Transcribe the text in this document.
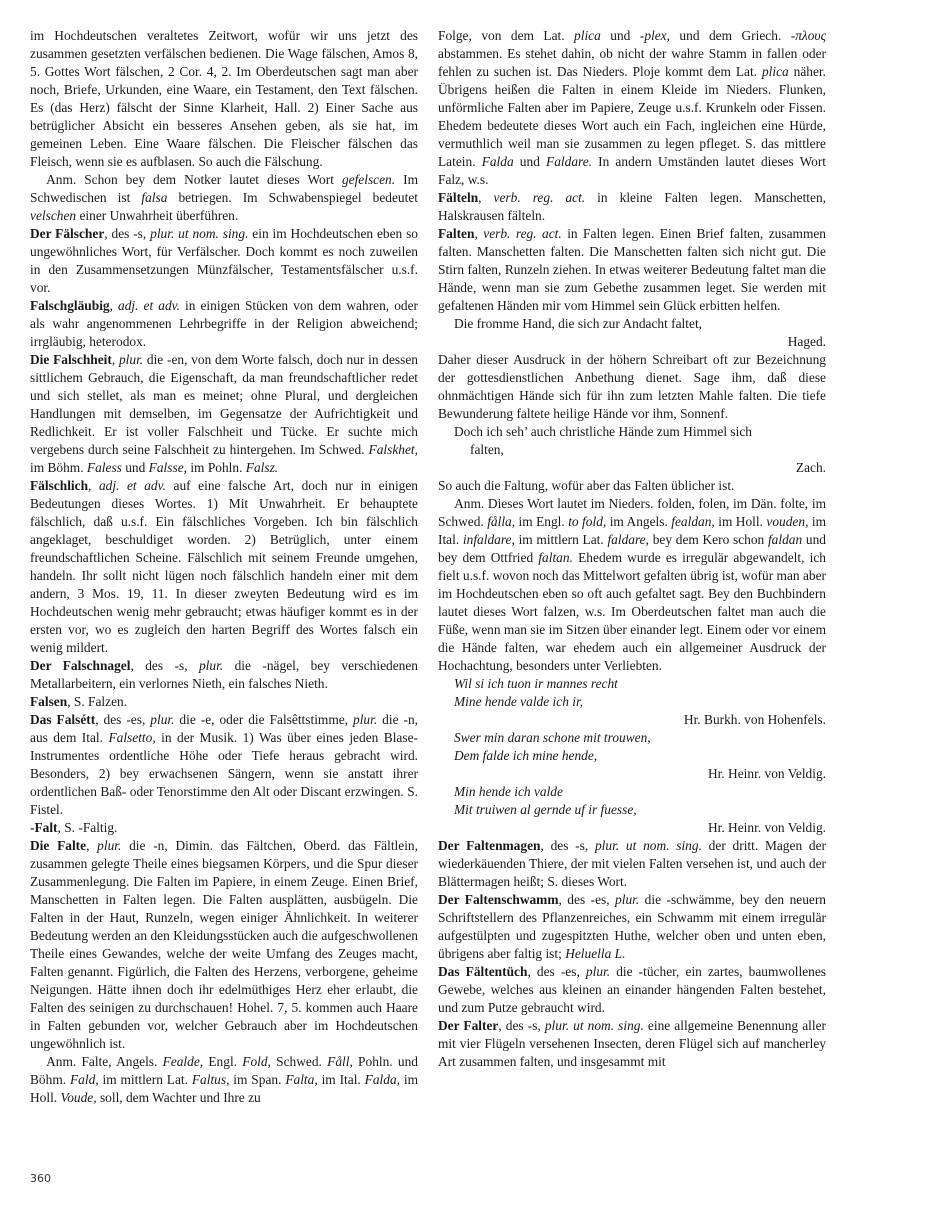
im Hochdeutschen veraltetes Zeitwort, wofür wir uns jetzt des zusammen gesetzten verfälschen bedienen. Die Wage fälschen, Amos 8, 5. Gottes Wort fälschen, 2 Cor. 4, 2. Im Oberdeutschen sagt man aber noch, Briefe, Urkunden, eine Waare, ein Testament, den Text fälschen. Es (das Herz) fälscht der Sinne Klarheit, Hall. 2) Einer Sache aus betrüglicher Absicht ein besseres Ansehen geben, als sie hat, im gemeinen Leben. Eine Waare fälschen. Die Fleischer fälschen das Fleisch, wenn sie es aufblasen. So auch die Fälschung.

Anm. Schon bey dem Notker lautet dieses Wort gefelscen. Im Schwedischen ist falsa betriegen. Im Schwabenspiegel bedeutet velschen einer Unwahrheit überführen.

Der Fälscher, des -s, plur. ut nom. sing. ein im Hochdeutschen eben so ungewöhnliches Wort, für Verfälscher. Doch kommt es noch zuweilen in den Zusammensetzungen Münzfälscher, Testamentsfälscher u.s.f. vor.

Falschgläubig, adj. et adv. in einigen Stücken von dem wahren, oder als wahr angenommenen Lehrbegriffe in der Religion abweichend; irrgläubig, heterodox.

Die Falschheit, plur. die -en, von dem Worte falsch, doch nur in dessen sittlichem Gebrauch, die Eigenschaft, da man freundschaftlicher redet und sich stellet, als man es meinet; ohne Plural, und dergleichen Handlungen mit demselben, im Gegensatze der Aufrichtigkeit und Redlichkeit. Er ist voller Falschheit und Tücke. Er suchte mich vergebens durch seine Falschheit zu hintergehen. Im Schwed. Falskhet, im Böhm. Faless und Falsse, im Pohln. Falsz.

Fälschlich, adj. et adv. auf eine falsche Art, doch nur in einigen Bedeutungen dieses Wortes. 1) Mit Unwahrheit. Er behauptete fälschlich, daß u.s.f. Ein fälschliches Vorgeben. Ich bin fälschlich angeklaget, beschuldiget worden. 2) Betrüglich, unter einem freundschaftlichen Scheine. Fälschlich mit seinem Freunde umgehen, handeln. Ihr sollt nicht lügen noch fälschlich handeln einer mit dem andern, 3 Mos. 19, 11. In dieser zweyten Bedeutung wird es im Hochdeutschen wenig mehr gebraucht; etwas häufiger kommt es in der ersten vor, wo es zugleich den harten Begriff des Wortes falsch ein wenig mildert.

Der Falschnagel, des -s, plur. die -nägel, bey verschiedenen Metallarbeitern, ein verlornes Nieth, ein falsches Nieth.

Falsen, S. Falzen.

Das Falsétt, des -es, plur. die -e, oder die Falsêttstimme, plur. die -n, aus dem Ital. Falsetto, in der Musik. 1) Was über eines jeden Blase-Instrumentes ordentliche Höhe oder Tiefe heraus gebracht wird. Besonders, 2) bey erwachsenen Sängern, wenn sie anstatt ihrer ordentlichen Baß- oder Tenorstimme den Alt oder Discant erzwingen. S. Fistel.

-Falt, S. -Faltig.

Die Falte, plur. die -n, Dimin. das Fältchen, Oberd. das Fältlein, zusammen gelegte Theile eines biegsamen Körpers, und die Spur dieser Zusammenlegung. Die Falten im Papiere, in einem Zeuge. Einen Brief, Manschetten in Falten legen. Die Falten ausplätten, ausbügeln. Die Falten in der Haut, Runzeln, wegen einiger Ähnlichkeit. In weiterer Bedeutung werden an den Kleidungsstücken auch die aufgeschwollenen Theile eines Gewandes, welche der weite Umfang des Zeuges macht, Falten genannt. Figürlich, die Falten des Herzens, verborgene, geheime Neigungen. Hätte ihnen doch ihr edelmüthiges Herz eher erlaubt, die Falten des seinigen zu durchschauen! Hohel. 7, 5. kommen auch Haare in Falten gebunden vor, welcher Gebrauch aber im Hochdeutschen ungewöhnlich ist.

Anm. Falte, Angels. Fealde, Engl. Fold, Schwed. Fåll, Pohln. und Böhm. Fald, im mittlern Lat. Faltus, im Span. Falta, im Ital. Falda, im Holl. Voude, soll, dem Wachter und Ihre zu

Folge, von dem Lat. plica und -plex, und dem Griech. -πλους abstammen. Es stehet dahin, ob nicht der wahre Stamm in fallen oder fehlen zu suchen ist. Das Nieders. Ploje kommt dem Lat. plica näher. Übrigens heißen die Falten in einem Kleide im Nieders. Flunken, unförmliche Falten aber im Papiere, Zeuge u.s.f. Krunkeln oder Fissen. Ehedem bedeutete dieses Wort auch ein Fach, ingleichen eine Hürde, vermuthlich weil man sie zusammen zu legen pfleget. S. das mittlere Latein. Falda und Faldare. In andern Umständen lautet dieses Wort Falz, w.s.

Fälteln, verb. reg. act. in kleine Falten legen. Manschetten, Halskrausen fälteln.

Falten, verb. reg. act. in Falten legen. Einen Brief falten, zusammen falten. Manschetten falten. Die Manschetten falten sich nicht gut. Die Stirn falten, Runzeln ziehen. In etwas weiterer Bedeutung faltet man die Hände, wenn man sie zum Gebethe zusammen leget. Sie werden mit gefaltenen Händen mir vom Himmel sein Glück erbitten helfen.

Die fromme Hand, die sich zur Andacht faltet,

Haged.

Daher dieser Ausdruck in der höhern Schreibart oft zur Bezeichnung der gottesdienstlichen Anbethung dienet. Sage ihm, daß diese ohnmächtigen Hände sich für ihn zum letzten Mahle falten. Die tiefe Bewunderung faltete heilige Hände vor ihm, Sonnenf.

Doch ich seh’ auch christliche Hände zum Himmel sich

falten,

Zach.

So auch die Faltung, wofür aber das Falten üblicher ist.

Anm. Dieses Wort lautet im Nieders. folden, folen, im Dän. folte, im Schwed. fålla, im Engl. to fold, im Angels. fealdan, im Holl. vouden, im Ital. infaldare, im mittlern Lat. faldare, bey dem Kero schon faldan und bey dem Ottfried faltan. Ehedem wurde es irregulär abgewandelt, ich fielt u.s.f. wovon noch das Mittelwort gefalten übrig ist, wofür man aber im Hochdeutschen eben so oft auch gefaltet sagt. Bey den Buchbindern lautet dieses Wort falzen, w.s. Im Oberdeutschen faltet man auch die Füße, wenn man sie im Sitzen über einander legt. Einem oder vor einem die Hände falten, war ehedem auch ein allgemeiner Ausdruck der Hochachtung, besonders unter Verliebten.

Wil si ich tuon ir mannes recht

Mine hende valde ich ir,

Hr. Burkh. von Hohenfels.

Swer min daran schone mit trouwen,

Dem falde ich mine hende,

Hr. Heinr. von Veldig.

Min hende ich valde

Mit truiwen al gernde uf ir fuesse,

Hr. Heinr. von Veldig.

Der Faltenmagen, des -s, plur. ut nom. sing. der dritt. Magen der wiederkäuenden Thiere, der mit vielen Falten versehen ist, und auch der Blättermagen heißt; S. dieses Wort.

Der Faltenschwamm, des -es, plur. die -schwämme, bey den neuern Schriftstellern des Pflanzenreiches, ein Schwamm mit einem irregulär aufgestülpten und zugespitzten Huthe, welcher oben und unten eben, übrigens aber faltig ist; Heluella L.

Das Fältentüch, des -es, plur. die -tücher, ein zartes, baumwollenes Gewebe, welches aus kleinen an einander hängenden Falten bestehet, und zum Putze gebraucht wird.

Der Falter, des -s, plur. ut nom. sing. eine allgemeine Benennung aller mit vier Flügeln versehenen Insecten, deren Flügel sich auf mancherley Art zusammen falten, und insgesammt mit

360
